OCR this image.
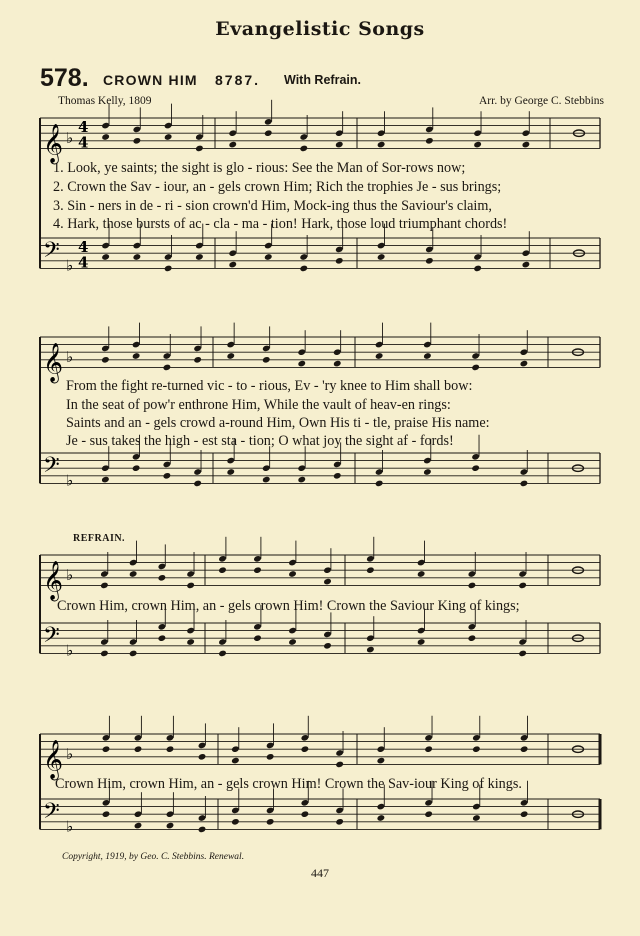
Evangelistic Songs
578. CROWN HIM 8787. With Refrain.
Thomas Kelly, 1809	Arr. by George C. Stebbins
𝄞 ♭
𝄢 ♭
4
4
4
4
𝄞 ♭
𝄢 ♭
𝄞 ♭
𝄢 ♭
𝄞 ♭
𝄢 ♭
1. Look, ye saints; the sight is glo - rious: See the Man of Sor-rows now;
2. Crown the Sav - iour, an - gels crown Him; Rich the trophies Je - sus brings;
3. Sin - ners in de - ri - sion crown'd Him, Mock-ing thus the Saviour's claim,
4. Hark, those bursts of ac - cla - ma - tion! Hark, those loud triumphant chords!
From the fight re-turned vic - to - rious, Ev - 'ry knee to Him shall bow:
In the seat of pow'r enthrone Him, While the vault of heav-en rings:
Saints and an - gels crowd a-round Him, Own His ti - tle, praise His name:
Je - sus takes the high - est sta - tion; O what joy the sight af - fords!
REFRAIN.
Crown Him, crown Him, an - gels crown Him! Crown the Saviour King of kings;
Crown Him, crown Him, an - gels crown Him! Crown the Sav-iour King of kings.
Copyright, 1919, by Geo. C. Stebbins. Renewal.
447
